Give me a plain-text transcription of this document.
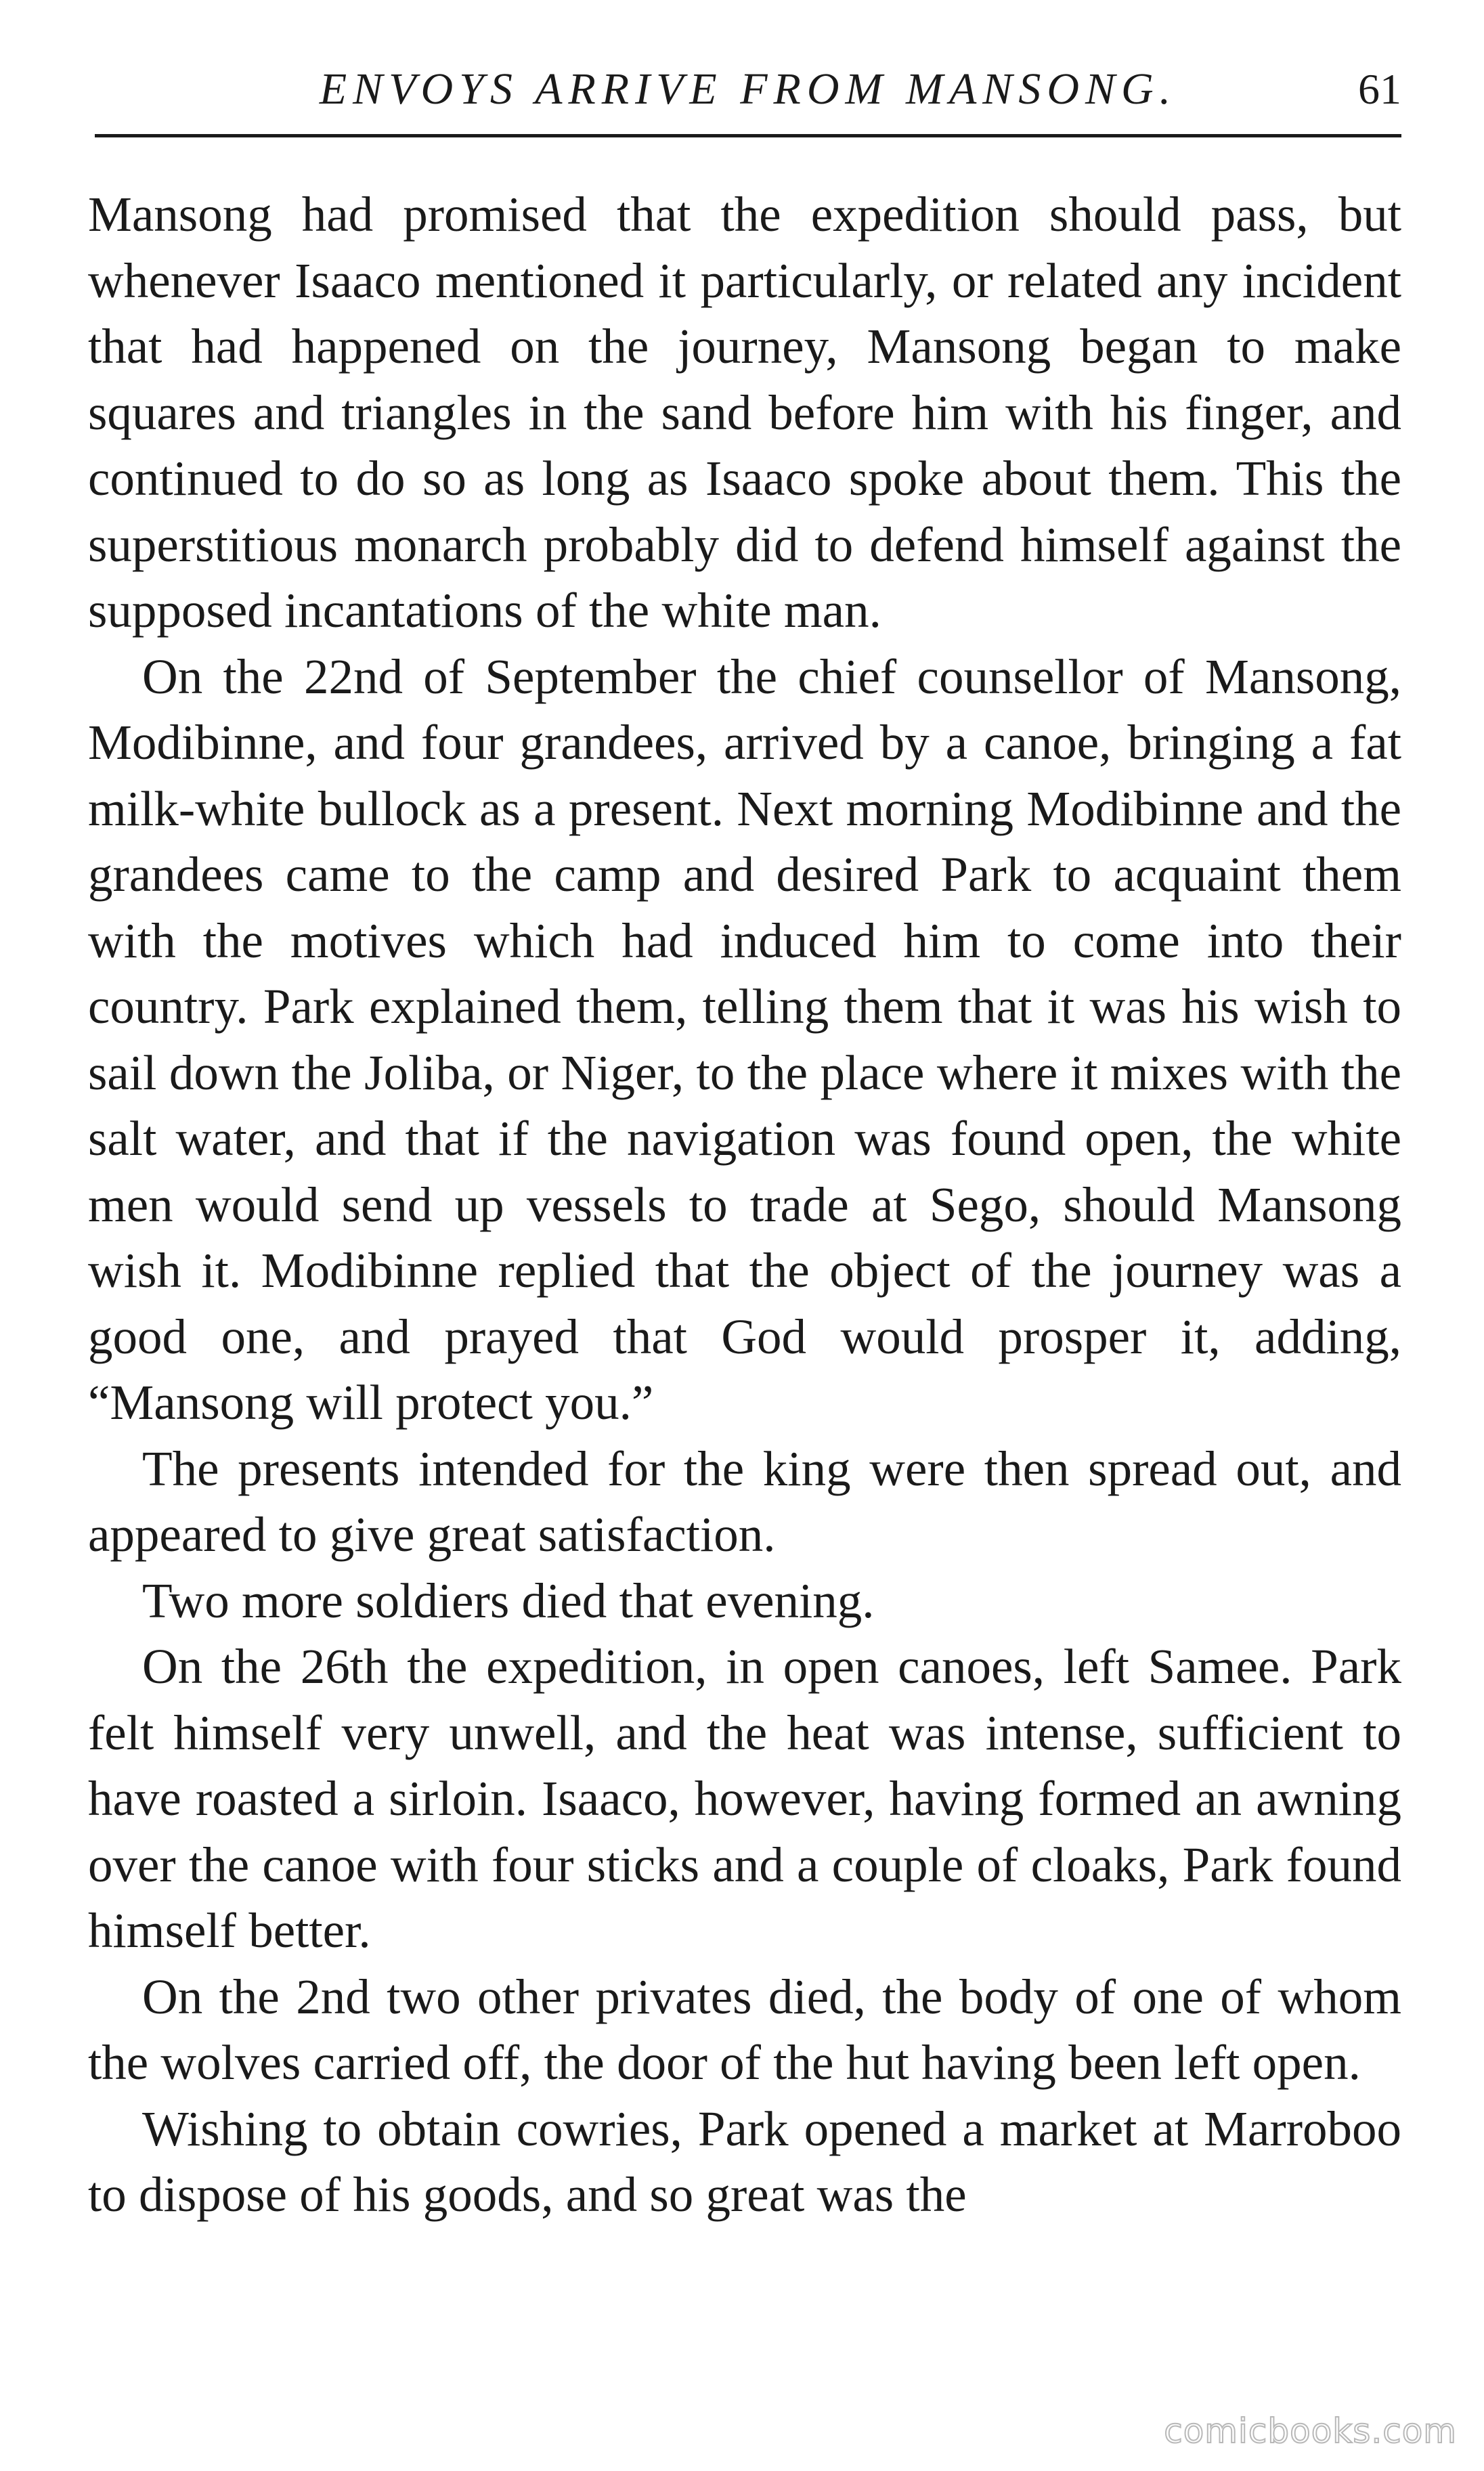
ENVOYS ARRIVE FROM MANSONG.	61

Mansong had promised that the expedition should pass, but whenever Isaaco mentioned it particularly, or related any incident that had happened on the journey, Mansong began to make squares and triangles in the sand before him with his finger, and continued to do so as long as Isaaco spoke about them. This the superstitious monarch probably did to defend himself against the supposed incantations of the white man.

On the 22nd of September the chief counsellor of Mansong, Modibinne, and four grandees, arrived by a canoe, bringing a fat milk-white bullock as a present. Next morning Modibinne and the grandees came to the camp and desired Park to acquaint them with the motives which had induced him to come into their country. Park explained them, telling them that it was his wish to sail down the Joliba, or Niger, to the place where it mixes with the salt water, and that if the navigation was found open, the white men would send up vessels to trade at Sego, should Mansong wish it. Modibinne replied that the object of the journey was a good one, and prayed that God would prosper it, adding, “Mansong will protect you.”

The presents intended for the king were then spread out, and appeared to give great satisfaction.

Two more soldiers died that evening.

On the 26th the expedition, in open canoes, left Samee. Park felt himself very unwell, and the heat was intense, sufficient to have roasted a sirloin. Isaaco, however, having formed an awning over the canoe with four sticks and a couple of cloaks, Park found himself better.

On the 2nd two other privates died, the body of one of whom the wolves carried off, the door of the hut having been left open.

Wishing to obtain cowries, Park opened a market at Marroboo to dispose of his goods, and so great was the

comicbooks.com
